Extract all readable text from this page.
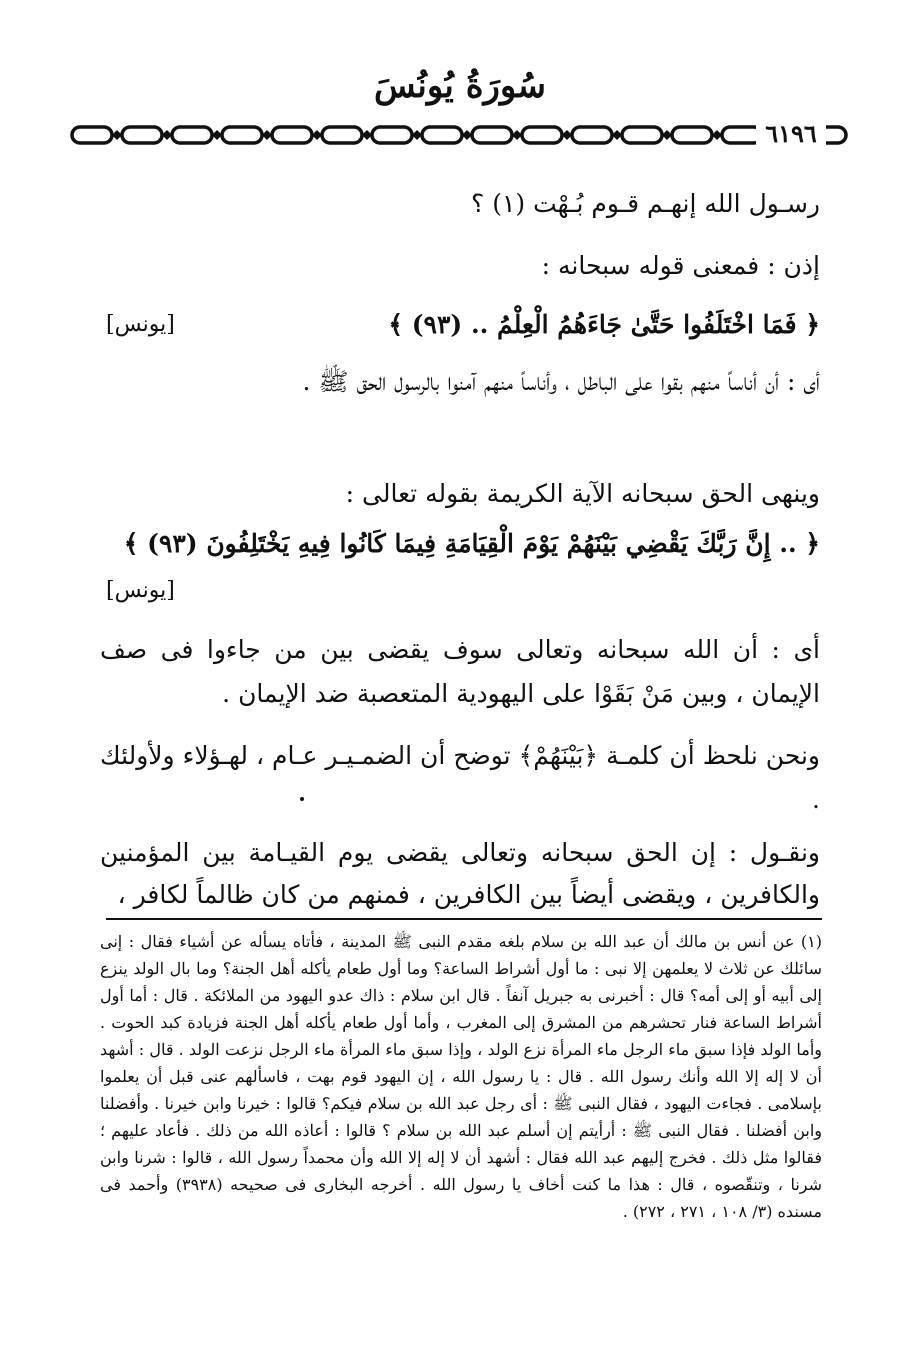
سُورَةُ يُونُسَ
٦١٩٦
رسـول الله إنهـم قـوم بُـهْت (١) ؟
إذن : فمعنى قوله سبحانه :
﴿ فَمَا اخْتَلَفُوا حَتَّىٰ جَاءَهُمُ الْعِلْمُ .. (٩٣) ﴾
[يونس]
أى : أن أناساً منهم بقوا على الباطل ، وأناساً منهم آمنوا بالرسول الحق ﷺ .
وينهى الحق سبحانه الآية الكريمة بقوله تعالى :
﴿ .. إِنَّ رَبَّكَ يَقْضِي بَيْنَهُمْ يَوْمَ الْقِيَامَةِ فِيمَا كَانُوا فِيهِ يَخْتَلِفُونَ (٩٣) ﴾
[يونس]
أى : أن الله سبحانه وتعالى سوف يقضى بين من جاءوا فى صف الإيمان ، وبين مَنْ بَقَوْا على اليهودية المتعصبة ضد الإيمان .
ونحن نلحظ أن كلمـة ﴿بَيْنَهُمْ﴾ توضح أن الضمـيـر عـام ، لهـؤلاء ولأولئك .
ونقـول : إن الحق سبحانه وتعالى يقضى يوم القيـامة بين المؤمنين والكافرين ، ويقضى أيضاً بين الكافرين ، فمنهم من كان ظالماً لكافر ،
(١) عن أنس بن مالك أن عبد الله بن سلام بلغه مقدم النبى ﷺ المدينة ، فأتاه يسأله عن أشياء فقال : إنى سائلك عن ثلاث لا يعلمهن إلا نبى : ما أول أشراط الساعة؟ وما أول طعام يأكله أهل الجنة؟ وما بال الولد ينزع إلى أبيه أو إلى أمه؟ قال : أخبرنى به جبريل آنفاً . قال ابن سلام : ذاك عدو اليهود من الملائكة . قال : أما أول أشراط الساعة فنار تحشرهم من المشرق إلى المغرب ، وأما أول طعام يأكله أهل الجنة فزيادة كبد الحوت . وأما الولد فإذا سبق ماء الرجل ماء المرأة نزع الولد ، وإذا سبق ماء المرأة ماء الرجل نزعت الولد . قال : أشهد أن لا إله إلا الله وأنك رسول الله . قال : يا رسول الله ، إن اليهود قوم بهت ، فاسألهم عنى قبل أن يعلموا بإسلامى . فجاءت اليهود ، فقال النبى ﷺ : أى رجل عبد الله بن سلام فيكم؟ قالوا : خيرنا وابن خيرنا . وأفضلنا وابن أفضلنا . فقال النبى ﷺ : أرأيتم إن أسلم عبد الله بن سلام ؟ قالوا : أعاذه الله من ذلك . فأعاد عليهم ؛ فقالوا مثل ذلك . فخرج إليهم عبد الله فقال : أشهد أن لا إله إلا الله وأن محمداً رسول الله ، قالوا : شرنا وابن شرنا ، وتنقّصوه ، قال : هذا ما كنت أخاف يا رسول الله . أخرجه البخارى فى صحيحه (٣٩٣٨) وأحمد فى مسنده (٣/ ١٠٨ ، ٢٧١ ، ٢٧٢) .
